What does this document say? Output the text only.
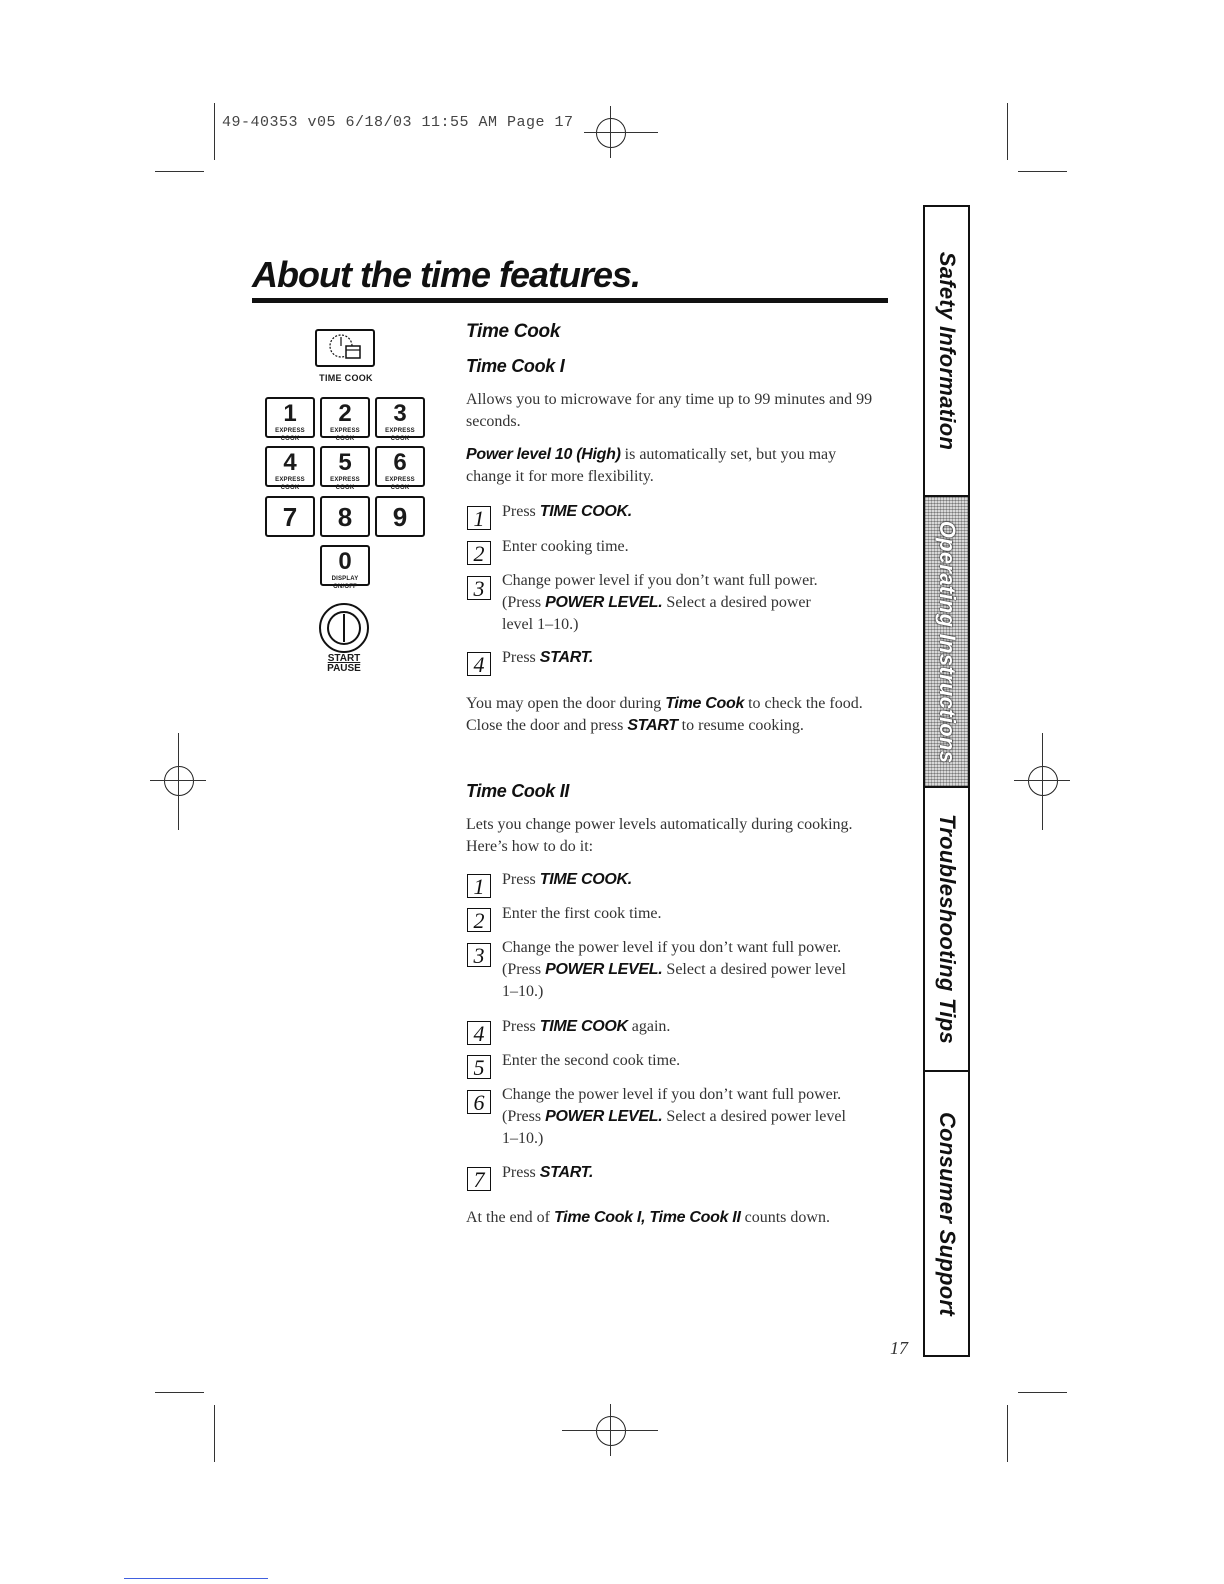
49-40353 v05 6/18/03 11:55 AM Page 17
About the time features.	Safety Information
Operating Instructions
Troubleshooting Tips
Consumer Support
TIME COOK
1
EXPRESS COOK
2
EXPRESS COOK
3
EXPRESS COOK
4
EXPRESS COOK
5
EXPRESS COOK
6
EXPRESS COOK
7	8	9
0
DISPLAY ON/OFF
START
PAUSE
Time Cook
Time Cook I
Allows you to microwave for any time up to 99 minutes and 99 seconds.
Power level 10 (High) is automatically set, but you may change it for more flexibility.
1	Press TIME COOK.
2	Enter cooking time.
3	Change power level if you don’t want full power. (Press POWER LEVEL. Select a desired power level 1–10.)
4	Press START.
You may open the door during Time Cook to check the food. Close the door and press START to resume cooking.
Time Cook II
Lets you change power levels automatically during cooking. Here’s how to do it:
1	Press TIME COOK.
2	Enter the first cook time.
3	Change the power level if you don’t want full power. (Press POWER LEVEL. Select a desired power level 1–10.)
4	Press TIME COOK again.
5	Enter the second cook time.
6	Change the power level if you don’t want full power. (Press POWER LEVEL. Select a desired power level 1–10.)
7	Press START.
At the end of Time Cook I, Time Cook II counts down.
17
